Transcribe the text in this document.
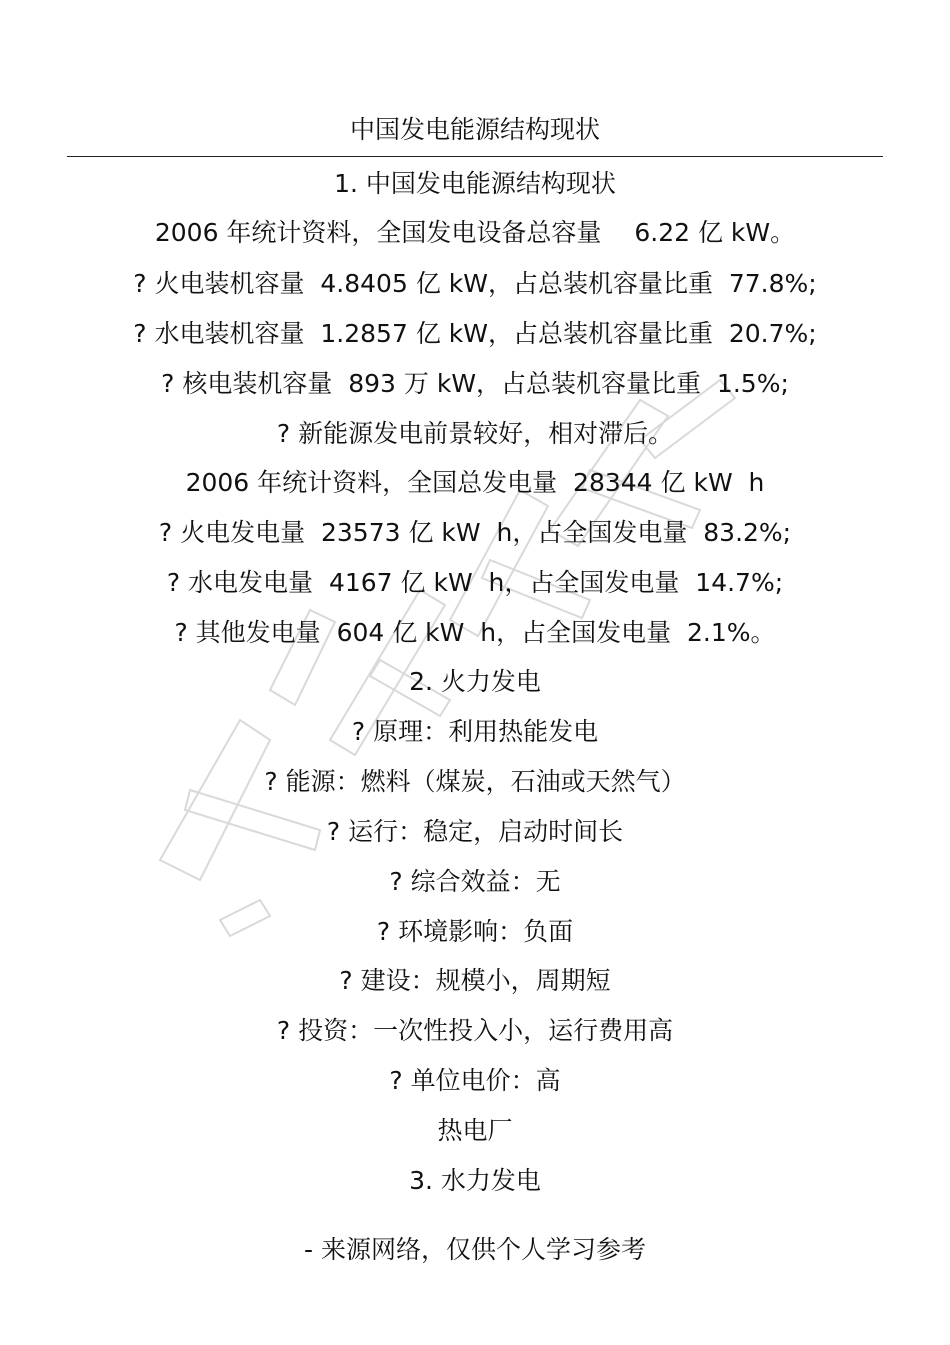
中国发电能源结构现状
1. 中国发电能源结构现状
2006 年统计资料，全国发电设备总容量　 6.22 亿 kW。
? 火电装机容量  4.8405 亿 kW，占总装机容量比重  77.8%;
? 水电装机容量  1.2857 亿 kW，占总装机容量比重  20.7%;
? 核电装机容量  893 万 kW，占总装机容量比重  1.5%;
? 新能源发电前景较好，相对滞后。
2006 年统计资料，全国总发电量  28344 亿 kW  h
? 火电发电量  23573 亿 kW  h，占全国发电量  83.2%;
? 水电发电量  4167 亿 kW  h，占全国发电量  14.7%;
? 其他发电量  604 亿 kW  h，占全国发电量  2.1%。
2. 火力发电
? 原理：利用热能发电
? 能源：燃料（煤炭，石油或天然气）
? 运行：稳定，启动时间长
? 综合效益：无
? 环境影响：负面
? 建设：规模小，周期短
? 投资：一次性投入小，运行费用高
? 单位电价：高
热电厂
3. 水力发电
- 来源网络，仅供个人学习参考
